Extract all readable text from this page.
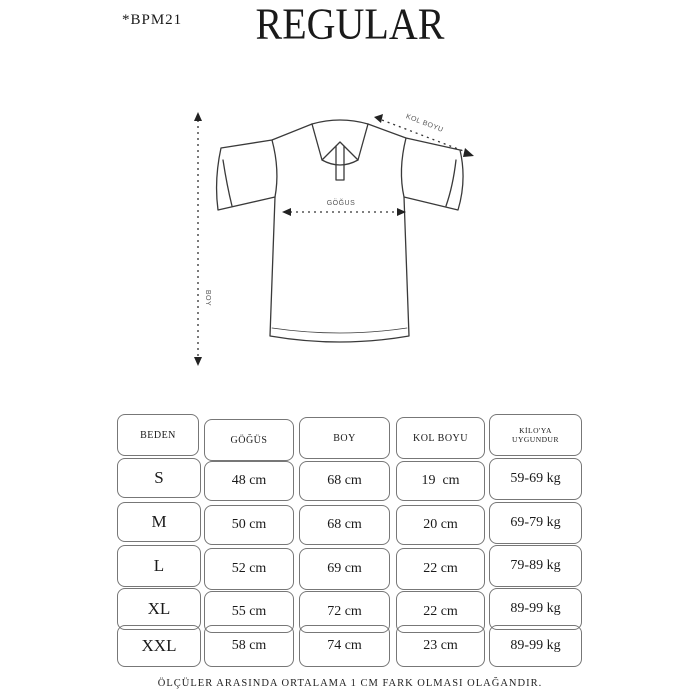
*BPM21	REGULAR
BOY
GÖĞUS
KOL BOYU
BEDEN	GÖĞÜS	BOY	KOL BOYU
KİLO'YA
UYGUNDUR
S	48 cm	68 cm	19  cm	59-69 kg
M	50 cm	68 cm	20 cm	69-79 kg
L	52 cm	69 cm	22 cm	79-89 kg
XL	55 cm	72 cm	22 cm	89-99 kg
XXL	58 cm	74 cm	23 cm	89-99 kg
ÖLÇÜLER ARASINDA ORTALAMA 1 CM FARK OLMASI OLAĞANDIR.
